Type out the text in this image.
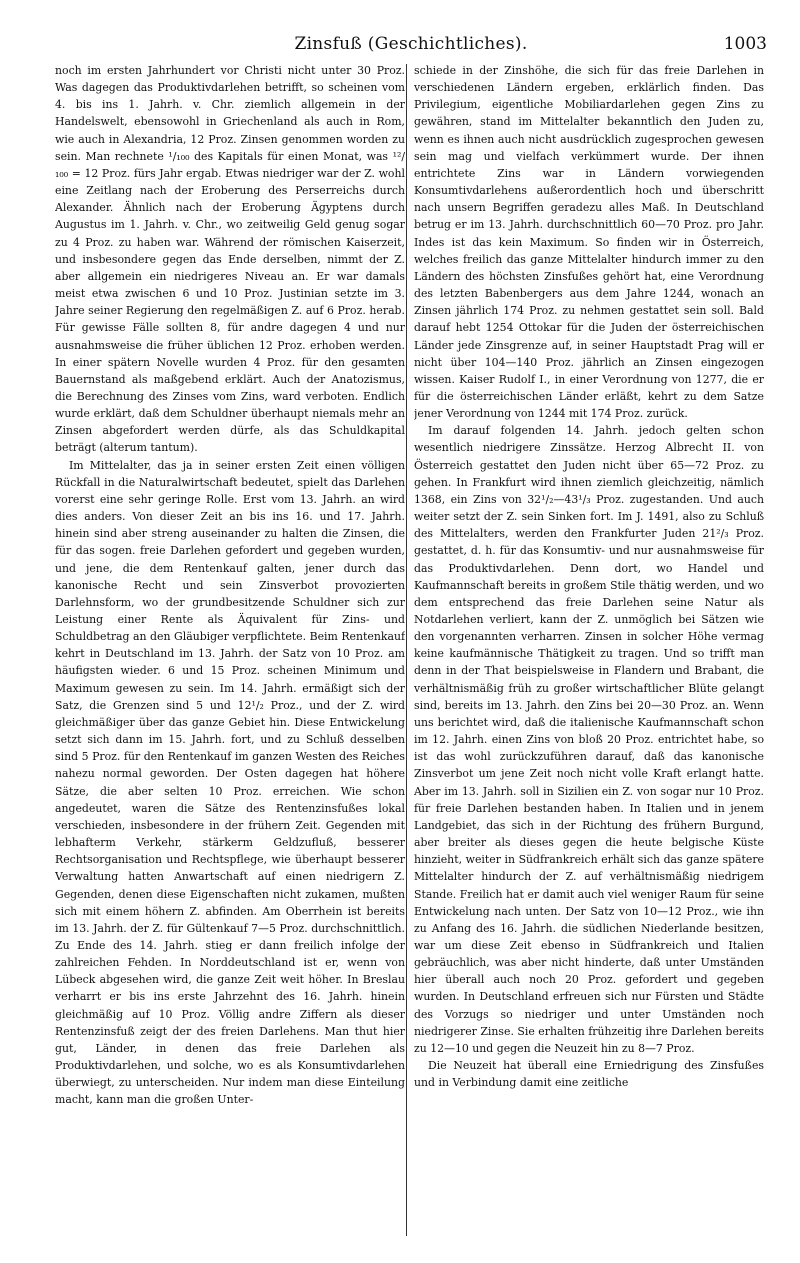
Zinsfuß (Geschichtliches).	1003

noch im ersten Jahrhundert vor Christi nicht unter 30 Proz. Was dagegen das Produktivdarlehen betrifft, so scheinen vom 4. bis ins 1. Jahrh. v. Chr. ziemlich allgemein in der Handelswelt, ebensowohl in Griechenland als auch in Rom, wie auch in Alexandria, 12 Proz. Zinsen genommen worden zu sein. Man rechnete ¹/₁₀₀ des Kapitals für einen Monat, was ¹²/₁₀₀ = 12 Proz. fürs Jahr ergab. Etwas niedriger war der Z. wohl eine Zeitlang nach der Eroberung des Perserreichs durch Alexander. Ähnlich nach der Eroberung Ägyptens durch Augustus im 1. Jahrh. v. Chr., wo zeitweilig Geld genug sogar zu 4 Proz. zu haben war. Während der römischen Kaiserzeit, und insbesondere gegen das Ende derselben, nimmt der Z. aber allgemein ein niedrigeres Niveau an. Er war damals meist etwa zwischen 6 und 10 Proz. Justinian setzte im 3. Jahre seiner Regierung den regelmäßigen Z. auf 6 Proz. herab. Für gewisse Fälle sollten 8, für andre dagegen 4 und nur ausnahmsweise die früher üblichen 12 Proz. erhoben werden. In einer spätern Novelle wurden 4 Proz. für den gesamten Bauernstand als maßgebend erklärt. Auch der Anatozismus, die Berechnung des Zinses vom Zins, ward verboten. Endlich wurde erklärt, daß dem Schuldner überhaupt niemals mehr an Zinsen abgefordert werden dürfe, als das Schuldkapital beträgt (alterum tantum).

Im Mittelalter, das ja in seiner ersten Zeit einen völligen Rückfall in die Naturalwirtschaft bedeutet, spielt das Darlehen vorerst eine sehr geringe Rolle. Erst vom 13. Jahrh. an wird dies anders. Von dieser Zeit an bis ins 16. und 17. Jahrh. hinein sind aber streng auseinander zu halten die Zinsen, die für das sogen. freie Darlehen gefordert und gegeben wurden, und jene, die dem Rentenkauf galten, jener durch das kanonische Recht und sein Zinsverbot provozierten Darlehnsform, wo der grundbesitzende Schuldner sich zur Leistung einer Rente als Äquivalent für Zins- und Schuldbetrag an den Gläubiger verpflichtete. Beim Rentenkauf kehrt in Deutschland im 13. Jahrh. der Satz von 10 Proz. am häufigsten wieder. 6 und 15 Proz. scheinen Minimum und Maximum gewesen zu sein. Im 14. Jahrh. ermäßigt sich der Satz, die Grenzen sind 5 und 12¹/₂ Proz., und der Z. wird gleichmäßiger über das ganze Gebiet hin. Diese Entwickelung setzt sich dann im 15. Jahrh. fort, und zu Schluß desselben sind 5 Proz. für den Rentenkauf im ganzen Westen des Reiches nahezu normal geworden. Der Osten dagegen hat höhere Sätze, die aber selten 10 Proz. erreichen. Wie schon angedeutet, waren die Sätze des Rentenzinsfußes lokal verschieden, insbesondere in der frühern Zeit. Gegenden mit lebhafterm Verkehr, stärkerm Geldzufluß, besserer Rechtsorganisation und Rechtspflege, wie überhaupt besserer Verwaltung hatten Anwartschaft auf einen niedrigern Z. Gegenden, denen diese Eigenschaften nicht zukamen, mußten sich mit einem höhern Z. abfinden. Am Oberrhein ist bereits im 13. Jahrh. der Z. für Gültenkauf 7—5 Proz. durchschnittlich. Zu Ende des 14. Jahrh. stieg er dann freilich infolge der zahlreichen Fehden. In Norddeutschland ist er, wenn von Lübeck abgesehen wird, die ganze Zeit weit höher. In Breslau verharrt er bis ins erste Jahrzehnt des 16. Jahrh. hinein gleichmäßig auf 10 Proz. Völlig andre Ziffern als dieser Rentenzinsfuß zeigt der des freien Darlehens. Man thut hier gut, Länder, in denen das freie Darlehen als Produktivdarlehen, und solche, wo es als Konsumtivdarlehen überwiegt, zu unterscheiden. Nur indem man diese Einteilung macht, kann man die großen Unter-

schiede in der Zinshöhe, die sich für das freie Darlehen in verschiedenen Ländern ergeben, erklärlich finden. Das Privilegium, eigentliche Mobiliardarlehen gegen Zins zu gewähren, stand im Mittelalter bekanntlich den Juden zu, wenn es ihnen auch nicht ausdrücklich zugesprochen gewesen sein mag und vielfach verkümmert wurde. Der ihnen entrichtete Zins war in Ländern vorwiegenden Konsumtivdarlehens außerordentlich hoch und überschritt nach unsern Begriffen geradezu alles Maß. In Deutschland betrug er im 13. Jahrh. durchschnittlich 60—70 Proz. pro Jahr. Indes ist das kein Maximum. So finden wir in Österreich, welches freilich das ganze Mittelalter hindurch immer zu den Ländern des höchsten Zinsfußes gehört hat, eine Verordnung des letzten Babenbergers aus dem Jahre 1244, wonach an Zinsen jährlich 174 Proz. zu nehmen gestattet sein soll. Bald darauf hebt 1254 Ottokar für die Juden der österreichischen Länder jede Zinsgrenze auf, in seiner Hauptstadt Prag will er nicht über 104—140 Proz. jährlich an Zinsen eingezogen wissen. Kaiser Rudolf I., in einer Verordnung von 1277, die er für die österreichischen Länder erläßt, kehrt zu dem Satze jener Verordnung von 1244 mit 174 Proz. zurück.

Im darauf folgenden 14. Jahrh. jedoch gelten schon wesentlich niedrigere Zinssätze. Herzog Albrecht II. von Österreich gestattet den Juden nicht über 65—72 Proz. zu gehen. In Frankfurt wird ihnen ziemlich gleichzeitig, nämlich 1368, ein Zins von 32¹/₂—43¹/₃ Proz. zugestanden. Und auch weiter setzt der Z. sein Sinken fort. Im J. 1491, also zu Schluß des Mittelalters, werden den Frankfurter Juden 21²/₃ Proz. gestattet, d. h. für das Konsumtiv- und nur ausnahmsweise für das Produktivdarlehen. Denn dort, wo Handel und Kaufmannschaft bereits in großem Stile thätig werden, und wo dem entsprechend das freie Darlehen seine Natur als Notdarlehen verliert, kann der Z. unmöglich bei Sätzen wie den vorgenannten verharren. Zinsen in solcher Höhe vermag keine kaufmännische Thätigkeit zu tragen. Und so trifft man denn in der That beispielsweise in Flandern und Brabant, die verhältnismäßig früh zu großer wirtschaftlicher Blüte gelangt sind, bereits im 13. Jahrh. den Zins bei 20—30 Proz. an. Wenn uns berichtet wird, daß die italienische Kaufmannschaft schon im 12. Jahrh. einen Zins von bloß 20 Proz. entrichtet habe, so ist das wohl zurückzuführen darauf, daß das kanonische Zinsverbot um jene Zeit noch nicht volle Kraft erlangt hatte. Aber im 13. Jahrh. soll in Sizilien ein Z. von sogar nur 10 Proz. für freie Darlehen bestanden haben. In Italien und in jenem Landgebiet, das sich in der Richtung des frühern Burgund, aber breiter als dieses gegen die heute belgische Küste hinzieht, weiter in Südfrankreich erhält sich das ganze spätere Mittelalter hindurch der Z. auf verhältnismäßig niedrigem Stande. Freilich hat er damit auch viel weniger Raum für seine Entwickelung nach unten. Der Satz von 10—12 Proz., wie ihn zu Anfang des 16. Jahrh. die südlichen Niederlande besitzen, war um diese Zeit ebenso in Südfrankreich und Italien gebräuchlich, was aber nicht hinderte, daß unter Umständen hier überall auch noch 20 Proz. gefordert und gegeben wurden. In Deutschland erfreuen sich nur Fürsten und Städte des Vorzugs so niedriger und unter Umständen noch niedrigerer Zinse. Sie erhalten frühzeitig ihre Darlehen bereits zu 12—10 und gegen die Neuzeit hin zu 8—7 Proz.

Die Neuzeit hat überall eine Erniedrigung des Zinsfußes und in Verbindung damit eine zeitliche
